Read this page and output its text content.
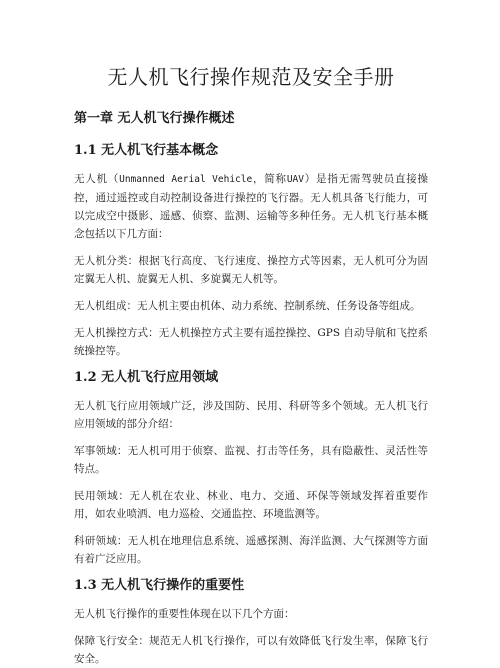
无人机飞行操作规范及安全手册
第一章 无人机飞行操作概述
1.1 无人机飞行基本概念

无人机（Unmanned Aerial Vehicle，简称UAV）是指无需驾驶员直接操控，通过遥控或自动控制设备进行操控的飞行器。无人机具备飞行能力，可以完成空中摄影、遥感、侦察、监测、运输等多种任务。无人机飞行基本概念包括以下几方面：

无人机分类：根据飞行高度、飞行速度、操控方式等因素，无人机可分为固定翼无人机、旋翼无人机、多旋翼无人机等。

无人机组成：无人机主要由机体、动力系统、控制系统、任务设备等组成。

无人机操控方式：无人机操控方式主要有遥控操控、GPS 自动导航和飞控系统操控等。

1.2 无人机飞行应用领域

无人机飞行应用领域广泛，涉及国防、民用、科研等多个领域。无人机飞行应用领域的部分介绍：

军事领域：无人机可用于侦察、监视、打击等任务，具有隐蔽性、灵活性等特点。

民用领域：无人机在农业、林业、电力、交通、环保等领域发挥着重要作用，如农业喷洒、电力巡检、交通监控、环境监测等。

科研领域：无人机在地理信息系统、遥感探测、海洋监测、大气探测等方面有着广泛应用。

1.3 无人机飞行操作的重要性

无人机飞行操作的重要性体现在以下几个方面：

保障飞行安全：规范无人机飞行操作，可以有效降低飞行发生率，保障飞行安全。
